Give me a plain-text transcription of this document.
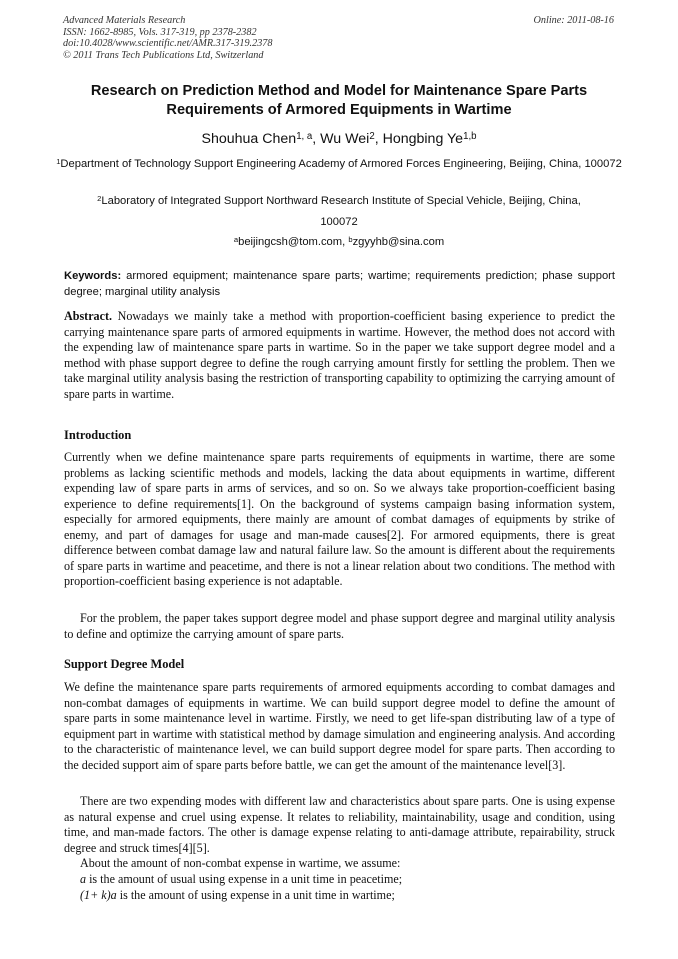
Advanced Materials Research
ISSN: 1662-8985, Vols. 317-319, pp 2378-2382
doi:10.4028/www.scientific.net/AMR.317-319.2378
© 2011 Trans Tech Publications Ltd, Switzerland
Online: 2011-08-16
Research on Prediction Method and Model for Maintenance Spare Parts
Requirements of Armored Equipments in Wartime
Shouhua Chen$^{1, a}$, Wu Wei$^2$, Hongbing Ye$^{1,b}$
$^1$Department of Technology Support Engineering Academy of Armored Forces Engineering, Beijing, China, 100072
$^2$Laboratory of Integrated Support Northward Research Institute of Special Vehicle, Beijing, China, 100072
$^a$beijingcsh@tom.com, $^b$zgyyhb@sina.com

Keywords: armored equipment; maintenance spare parts; wartime; requirements prediction; phase support degree; marginal utility analysis

Abstract. Nowadays we mainly take a method with proportion-coefficient basing experience to predict the carrying maintenance spare parts of armored equipments in wartime. However, the method does not accord with the expending law of maintenance spare parts in wartime. So in the paper we take support degree model and a method with phase support degree to define the rough carrying amount firstly for settling the problem. Then we take marginal utility analysis basing the restriction of transporting capability to optimizing the carrying amount of spare parts in wartime.

Introduction

Currently when we define maintenance spare parts requirements of equipments in wartime, there are some problems as lacking scientific methods and models, lacking the data about equipments in wartime, different expending law of spare parts in arms of services, and so on. So we always take proportion-coefficient basing experience to define requirements[1]. On the background of systems campaign basing information system, especially for armored equipments, there mainly are amount of combat damages of equipments by strike of enemy, and part of damages for usage and man-made causes[2]. For armored equipments, there is great difference between combat damage law and natural failure law. So the amount is different about the requirements of spare parts in wartime and peacetime, and there is not a linear relation about two conditions. The method with proportion-coefficient basing experience is not adaptable.

For the problem, the paper takes support degree model and phase support degree and marginal utility analysis to define and optimize the carrying amount of spare parts.

Support Degree Model

We define the maintenance spare parts requirements of armored equipments according to combat damages and non-combat damages of equipments in wartime. We can build support degree model to define the amount of spare parts in some maintenance level in wartime. Firstly, we need to get life-span distributing law of a type of equipment part in wartime with statistical method by damage simulation and engineering analysis. And according to the characteristic of maintenance level, we can build support degree model for spare parts. Then according to the decided support aim of spare parts before battle, we can get the amount of the maintenance level[3].

There are two expending modes with different law and characteristics about spare parts. One is using expense as natural expense and cruel using expense. It relates to reliability, maintainability, usage and condition, using time, and man-made factors. The other is damage expense relating to anti-damage attribute, repairability, struck degree and struck times[4][5].

About the amount of non-combat expense in wartime, we assume:

a is the amount of usual using expense in a unit time in peacetime;

(1+ k)a is the amount of using expense in a unit time in wartime;
